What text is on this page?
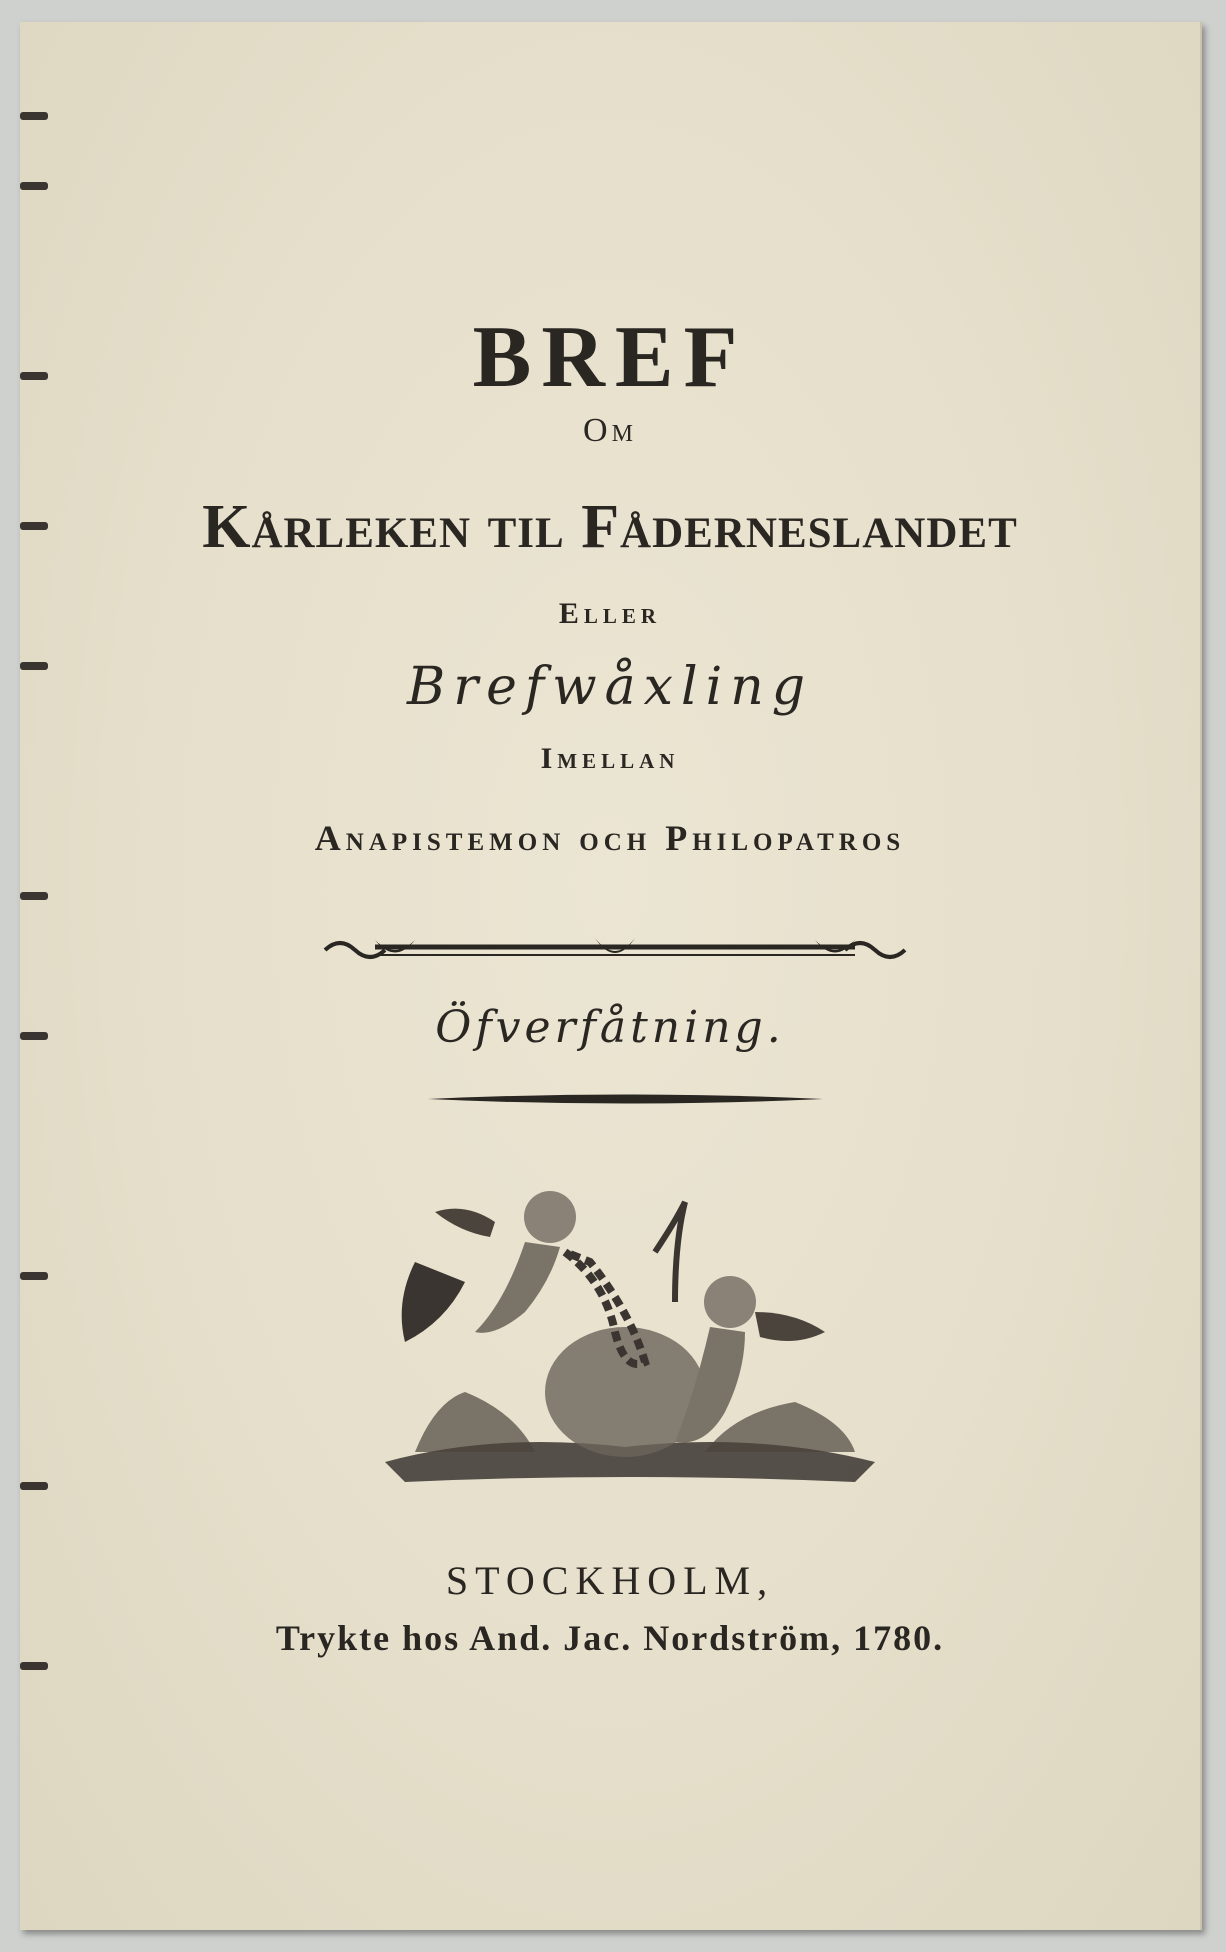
BREF
Om
Kårleken til Fåderneslandet
Eller
Brefwåxling
Imellan
Anapistemon och Philopatros
Öfverfåtning.
STOCKHOLM,
Trykte hos And. Jac. Nordström, 1780.
